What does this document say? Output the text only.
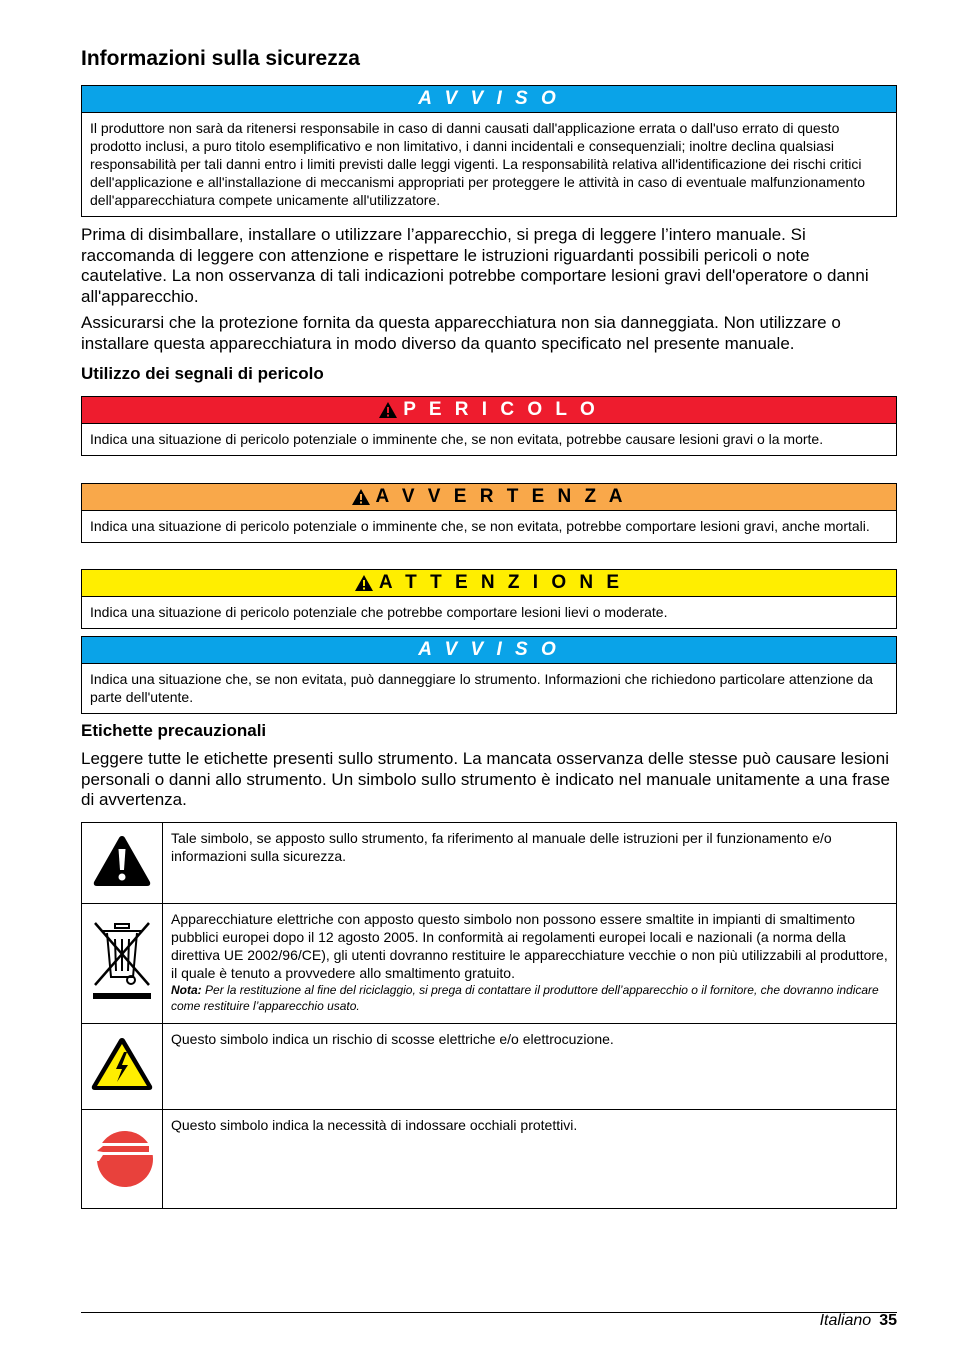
Informazioni sulla sicurezza
A V V I S O
Il produttore non sarà da ritenersi responsabile in caso di danni causati dall'applicazione errata o dall'uso errato di questo prodotto inclusi, a puro titolo esemplificativo e non limitativo, i danni incidentali e consequenziali; inoltre declina qualsiasi responsabilità per tali danni entro i limiti previsti dalle leggi vigenti. La responsabilità relativa all'identificazione dei rischi critici dell'applicazione e all'installazione di meccanismi appropriati per proteggere le attività in caso di eventuale malfunzionamento dell'apparecchiatura compete unicamente all'utilizzatore.

Prima di disimballare, installare o utilizzare l’apparecchio, si prega di leggere l’intero manuale. Si raccomanda di leggere con attenzione e rispettare le istruzioni riguardanti possibili pericoli o note cautelative. La non osservanza di tali indicazioni potrebbe comportare lesioni gravi dell'operatore o danni all'apparecchio.

Assicurarsi che la protezione fornita da questa apparecchiatura non sia danneggiata. Non utilizzare o installare questa apparecchiatura in modo diverso da quanto specificato nel presente manuale.

Utilizzo dei segnali di pericolo
P E R I C O L O
Indica una situazione di pericolo potenziale o imminente che, se non evitata, potrebbe causare lesioni gravi o la morte.
A V V E R T E N Z A
Indica una situazione di pericolo potenziale o imminente che, se non evitata, potrebbe comportare lesioni gravi, anche mortali.
A T T E N Z I O N E
Indica una situazione di pericolo potenziale che potrebbe comportare lesioni lievi o moderate.
A V V I S O
Indica una situazione che, se non evitata, può danneggiare lo strumento. Informazioni che richiedono particolare attenzione da parte dell'utente.
Etichette precauzionali

Leggere tutte le etichette presenti sullo strumento. La mancata osservanza delle stesse può causare lesioni personali o danni allo strumento. Un simbolo sullo strumento è indicato nel manuale unitamente a una frase di avvertenza.

	Tale simbolo, se apposto sullo strumento, fa riferimento al manuale delle istruzioni per il funzionamento e/o informazioni sulla sicurezza.
	Apparecchiature elettriche con apposto questo simbolo non possono essere smaltite in impianti di smaltimento pubblici europei dopo il 12 agosto 2005. In conformità ai regolamenti europei locali e nazionali (a norma della direttiva UE 2002/96/CE), gli utenti dovranno restituire le apparecchiature vecchie o non più utilizzabili al produttore, il quale è tenuto a provvedere allo smaltimento gratuito.
Nota: Per la restituzione al fine del riciclaggio, si prega di contattare il produttore dell’apparecchio o il fornitore, che dovranno indicare come restituire l’apparecchio usato.

	Questo simbolo indica un rischio di scosse elettriche e/o elettrocuzione.
	Questo simbolo indica la necessità di indossare occhiali protettivi.
Italiano 35
